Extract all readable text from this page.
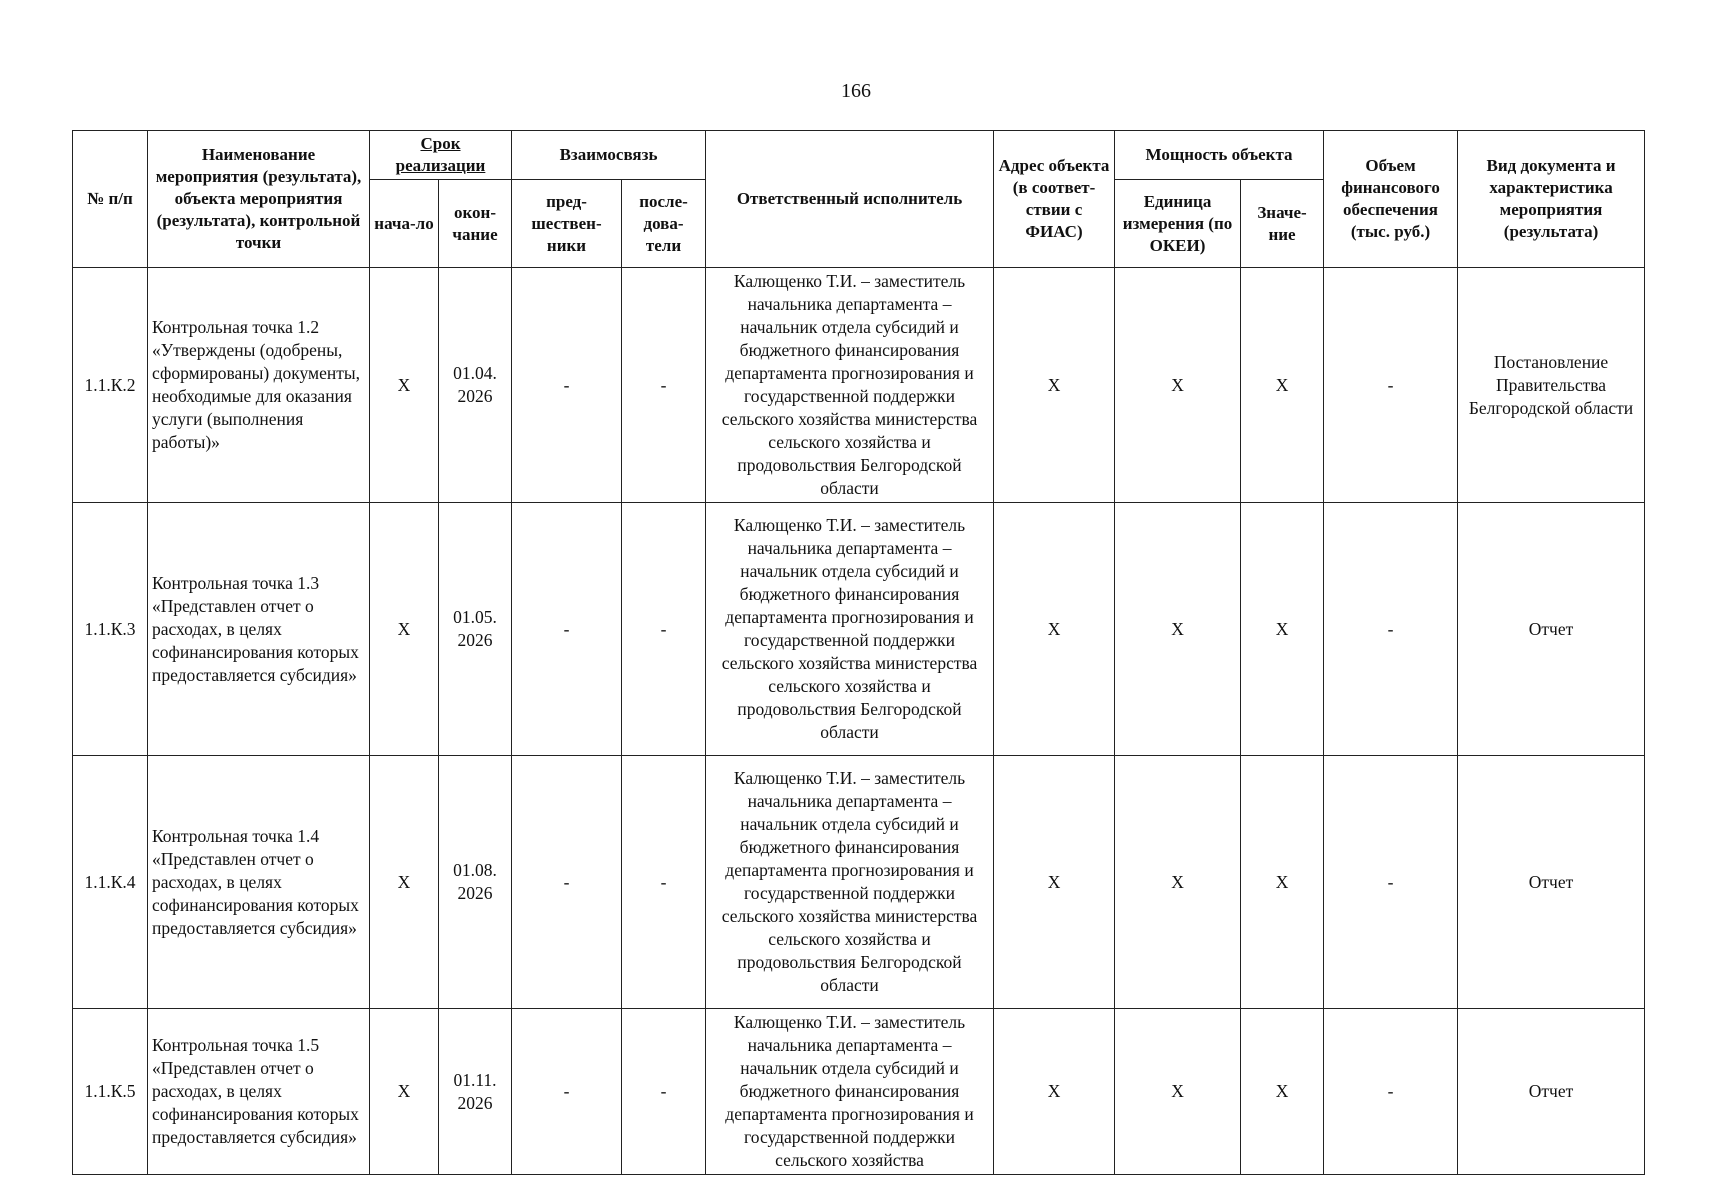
166
№ п/п	Наименование мероприятия (результата), объекта мероприятия (результата), контрольной точки	Срок реализации		Взаимосвязь		Ответственный исполнитель	Адрес объекта (в соответ-ствии с ФИАС)	Мощность объекта		Объем финансового обеспечения (тыс. руб.)	Вид документа и характеристика мероприятия (результата)
		нача-ло	окон-чание	пред-шествен-ники	после-дова-тели			Единица измерения (по ОКЕИ)	Значе-ние		
1.1.К.2	Контрольная точка 1.2 «Утверждены (одобрены, сформированы) документы, необходимые для оказания услуги (выполнения работы)»	Х	01.04. 2026	-	-	Калющенко Т.И. – заместитель начальника департамента – начальник отдела субсидий и бюджетного финансирования департамента прогнозирования и государственной поддержки сельского хозяйства министерства сельского хозяйства и продовольствия Белгородской области	Х	Х	Х	-	Постановление Правительства Белгородской области
1.1.К.3	Контрольная точка 1.3 «Представлен отчет о расходах, в целях софинансирования которых предоставляется субсидия»	Х	01.05. 2026	-	-	Калющенко Т.И. – заместитель начальника департамента – начальник отдела субсидий и бюджетного финансирования департамента прогнозирования и государственной поддержки сельского хозяйства министерства сельского хозяйства и продовольствия Белгородской области	Х	Х	Х	-	Отчет
1.1.К.4	Контрольная точка 1.4 «Представлен отчет о расходах, в целях софинансирования которых предоставляется субсидия»	Х	01.08. 2026	-	-	Калющенко Т.И. – заместитель начальника департамента – начальник отдела субсидий и бюджетного финансирования департамента прогнозирования и государственной поддержки сельского хозяйства министерства сельского хозяйства и продовольствия Белгородской области	Х	Х	Х	-	Отчет
1.1.К.5	Контрольная точка 1.5 «Представлен отчет о расходах, в целях софинансирования которых предоставляется субсидия»	Х	01.11. 2026	-	-	Калющенко Т.И. – заместитель начальника департамента – начальник отдела субсидий и бюджетного финансирования департамента прогнозирования и государственной поддержки сельского хозяйства	Х	Х	Х	-	Отчет
